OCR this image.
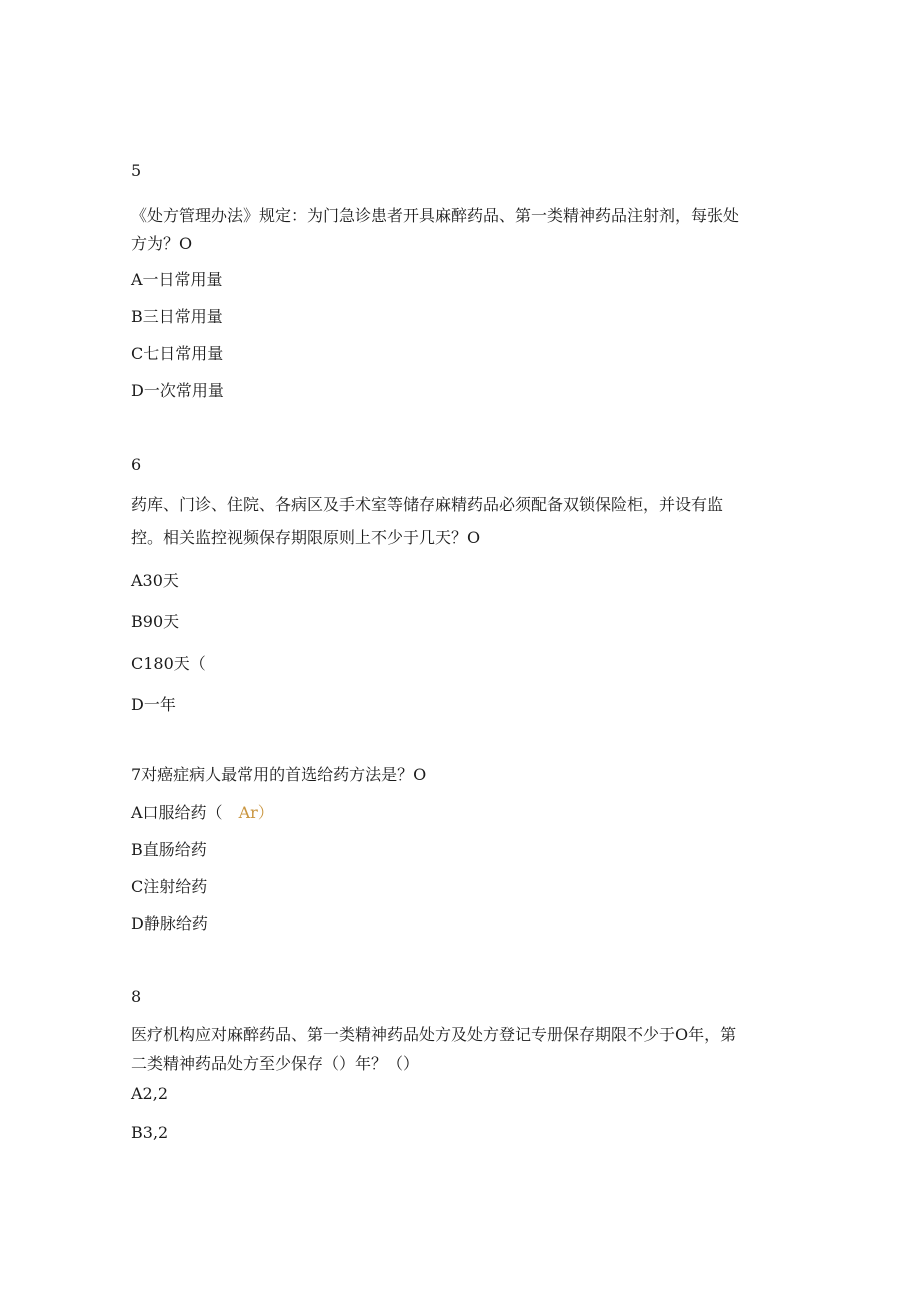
5
《处方管理办法》规定：为门急诊患者开具麻醉药品、第一类精神药品注射剂，每张处
方为？O
A一日常用量
B三日常用量
C七日常用量
D一次常用量
6
药库、门诊、住院、各病区及手术室等储存麻精药品必须配备双锁保险柜，并设有监
控。相关监控视频保存期限原则上不少于几天？O
A30天
B90天
C180天（
D一年
7对癌症病人最常用的首选给药方法是？O
A口服给药（ Ar）
B直肠给药
C注射给药
D静脉给药
8
医疗机构应对麻醉药品、第一类精神药品处方及处方登记专册保存期限不少于O年，第
二类精神药品处方至少保存（）年？（）
A2,2
B3,2
